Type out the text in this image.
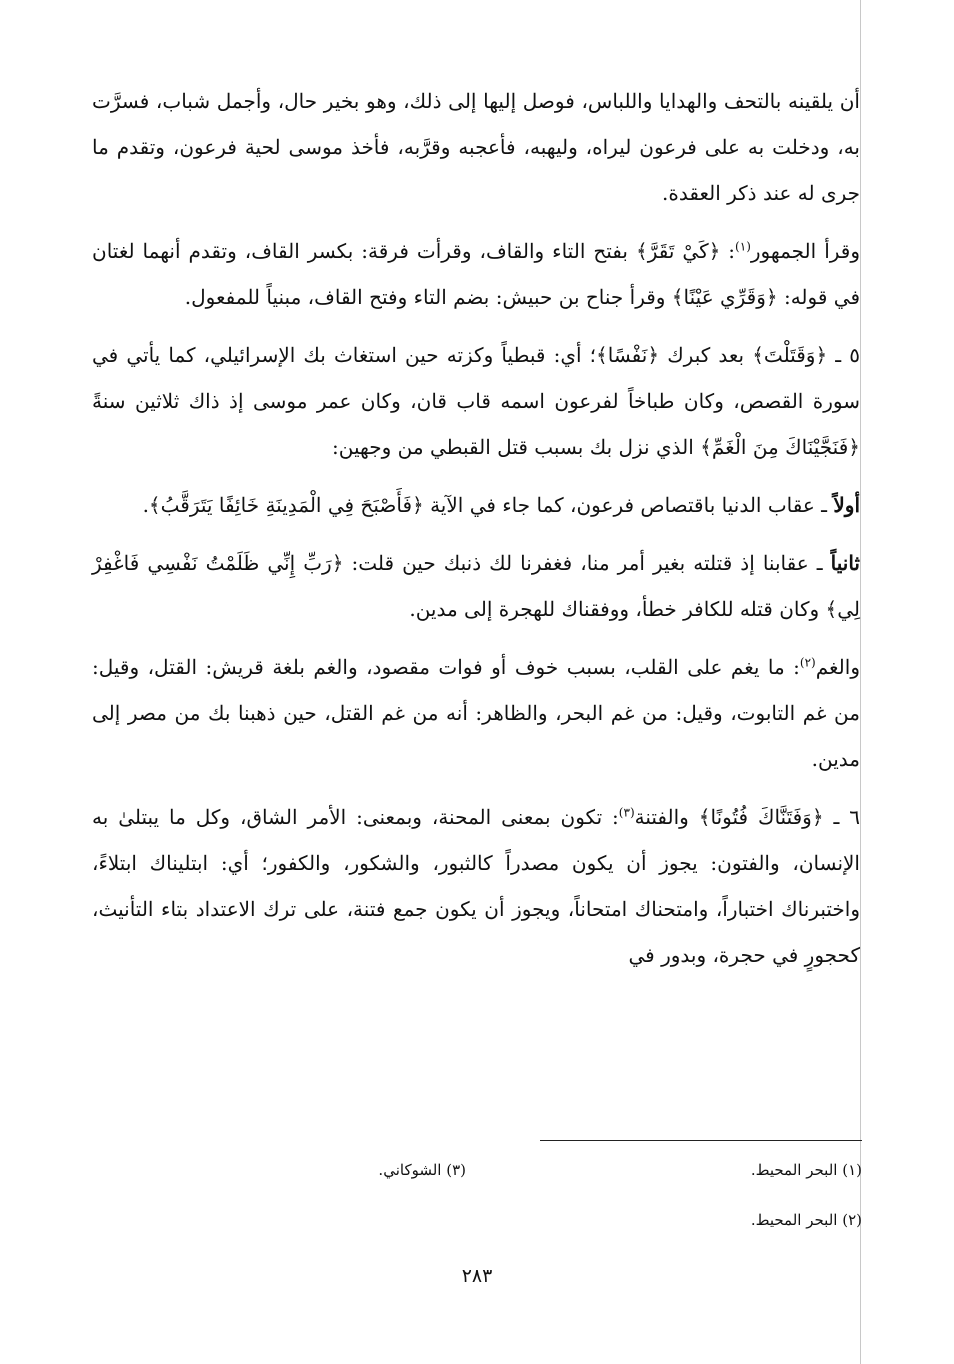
أن يلقينه بالتحف والهدايا واللباس، فوصل إليها إلى ذلك، وهو بخير حال، وأجمل شباب، فسرَّت به، ودخلت به على فرعون ليراه، وليهبه، فأعجبه وقرَّبه، فأخذ موسى لحية فرعون، وتقدم ما جرى له عند ذكر العقدة.

وقرأ الجمهور$^{(١)}$: ﴿كَيْ تَقَرَّ﴾ بفتح التاء والقاف، وقرأت فرقة: بكسر القاف، وتقدم أنهما لغتان في قوله: ﴿وَقَرِّي عَيْنًا﴾ وقرأ جناح بن حبيش: بضم التاء وفتح القاف، مبنياً للمفعول.

٥ ـ ﴿وَقَتَلْتَ﴾ بعد كبرك ﴿نَفْسًا﴾؛ أي: قبطياً وكزته حين استغاث بك الإسرائيلي، كما يأتي في سورة القصص، وكان طباخاً لفرعون اسمه قاب قان، وكان عمر موسى إذ ذاك ثلاثين سنةً ﴿فَنَجَّيْنَاكَ مِنَ الْغَمِّ﴾ الذي نزل بك بسبب قتل القبطي من وجهين:

أولاً ـ عقاب الدنيا باقتصاص فرعون، كما جاء في الآية ﴿فَأَصْبَحَ فِي الْمَدِينَةِ خَائِفًا يَتَرَقَّبُ﴾.

ثانياً ـ عقابنا إذ قتلته بغير أمر منا، فغفرنا لك ذنبك حين قلت: ﴿رَبِّ إِنِّي ظَلَمْتُ نَفْسِي فَاغْفِرْ لِي﴾ وكان قتله للكافر خطأ، ووفقناك للهجرة إلى مدين.

والغم$^{(٢)}$: ما يغم على القلب، بسبب خوف أو فوات مقصود، والغم بلغة قريش: القتل، وقيل: من غم التابوت، وقيل: من غم البحر، والظاهر: أنه من غم القتل، حين ذهبنا بك من مصر إلى مدين.

٦ ـ ﴿وَفَتَنَّاكَ فُتُونًا﴾ والفتنة$^{(٣)}$: تكون بمعنى المحنة، وبمعنى: الأمر الشاق، وكل ما يبتلىٰ به الإنسان، والفتون: يجوز أن يكون مصدراً كالثبور، والشكور، والكفور؛ أي: ابتليناك ابتلاءً، واختبرناك اختباراً، وامتحناك امتحاناً، ويجوز أن يكون جمع فتنة، على ترك الاعتداد بتاء التأنيث، كحجورٍ في حجرة، وبدور في

(١) البحر المحيط.
(٣) الشوكاني.
(٢) البحر المحيط.
٢٨٣
